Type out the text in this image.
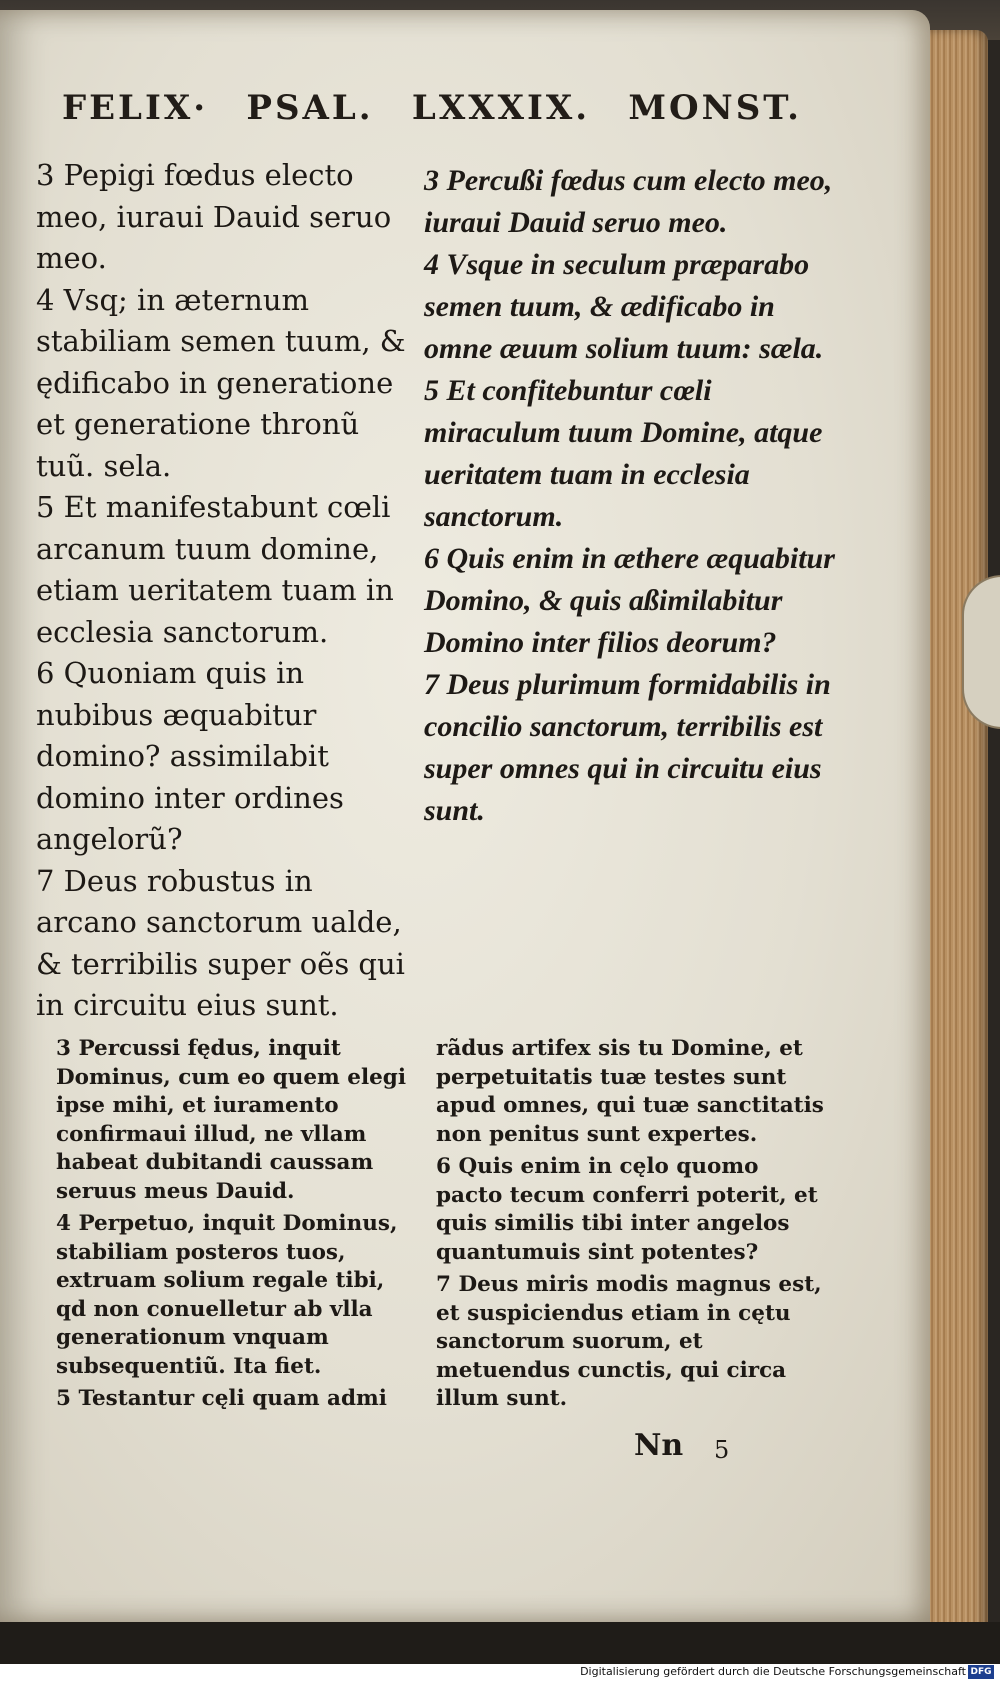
FELIX· PSAL. LXXXIX. MONST.
3 Pepigi fœdus electo meo, iuraui Dauid seruo meo.
4 Vsq; in æternum stabiliam semen tuum, & ędificabo in generatione et generatione thronũ tuũ. sela.
5 Et manifestabunt cœli arcanum tuum domine, etiam ueritatem tuam in ecclesia sanctorum.
6 Quoniam quis in nubibus æquabitur domino? assimilabit domino inter ordines angelorũ?
7 Deus robustus in arcano sanctorum ualde, & terribilis super oẽs qui in circuitu eius sunt.
3 Percußi fœdus cum electo meo, iuraui Dauid seruo meo.
4 Vsque in seculum præparabo semen tuum, & ædificabo in omne æuum solium tuum: sæla.
5 Et confitebuntur cœli miraculum tuum Domine, atque ueritatem tuam in ecclesia sanctorum.
6 Quis enim in æthere æquabitur Domino, & quis aßimilabitur Domino inter filios deorum?
7 Deus plurimum formidabilis in concilio sanctorum, terribilis est super omnes qui in circuitu eius sunt.
3 Percussi fędus, inquit Dominus, cum eo quem elegi ipse mihi, et iuramento confirmaui illud, ne vllam habeat dubitandi caussam seruus meus Dauid.
4 Perpetuo, inquit Dominus, stabiliam posteros tuos, extruam solium regale tibi, qd non conuelletur ab vlla generationum vnquam subsequentiũ. Ita fiet.
5 Testantur cęli quam admi
rãdus artifex sis tu Domine, et perpetuitatis tuæ testes sunt apud omnes, qui tuæ sanctitatis non penitus sunt expertes.
6 Quis enim in cęlo quomo pacto tecum conferri poterit, et quis similis tibi inter angelos quantumuis sint potentes?
7 Deus miris modis magnus est, et suspiciendus etiam in cętu sanctorum suorum, et metuendus cunctis, qui circa illum sunt.
Nn 5
Digitalisierung gefördert durch die Deutsche Forschungsgemeinschaft DFG
